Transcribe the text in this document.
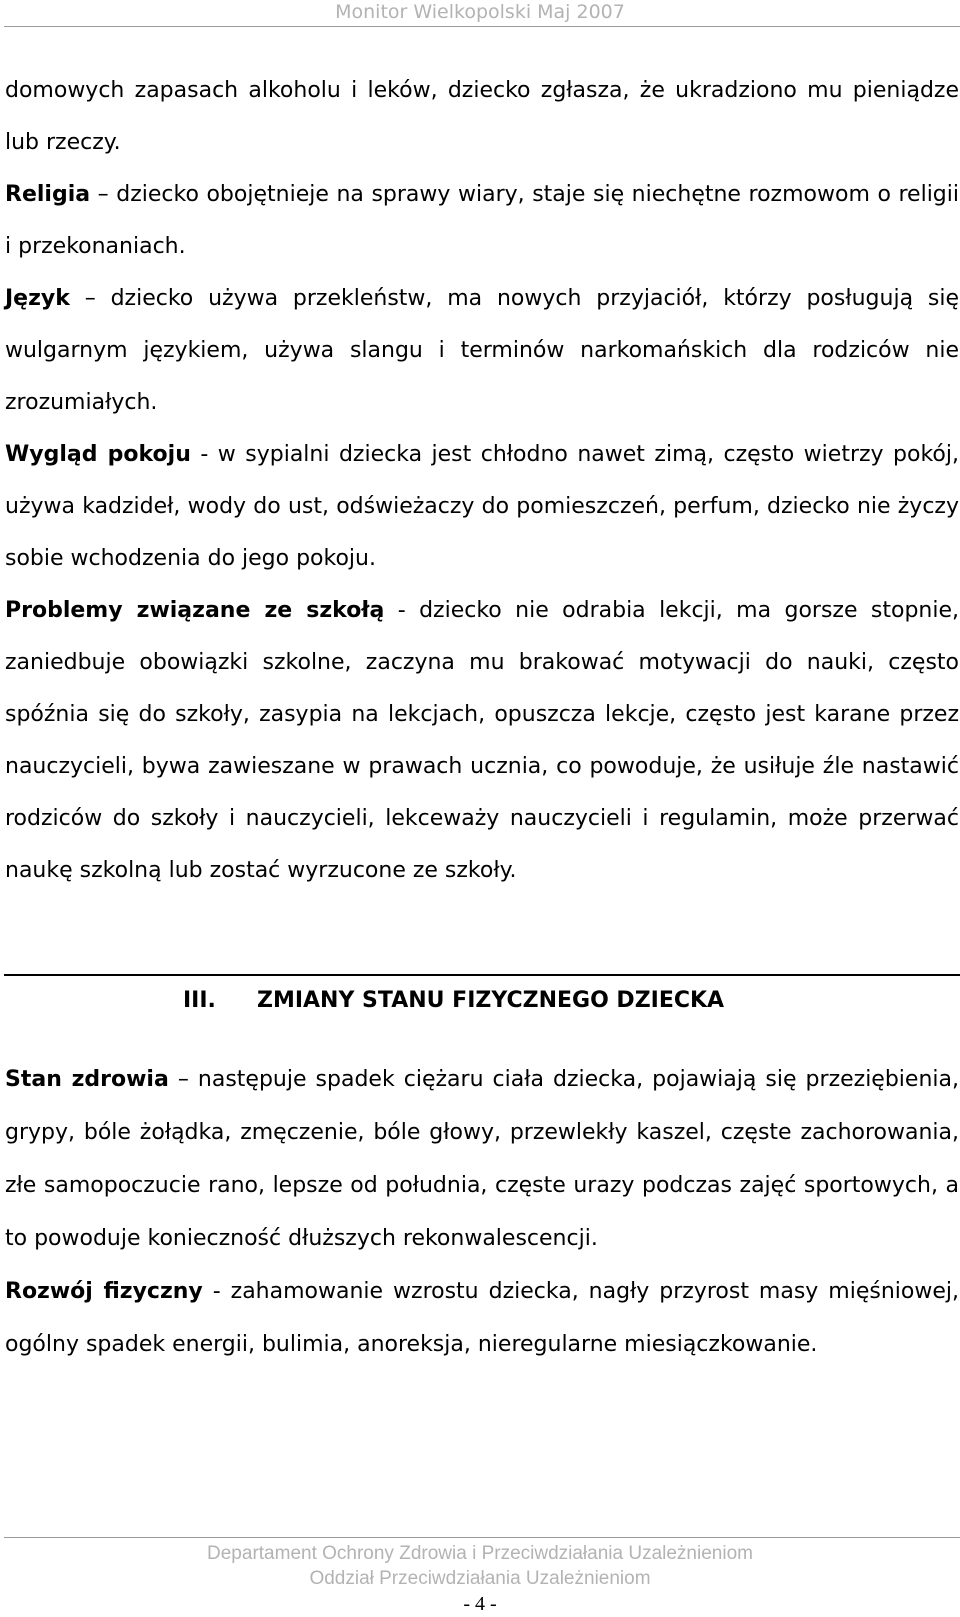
Monitor Wielkopolski Maj 2007

domowych zapasach alkoholu i leków, dziecko zgłasza, że ukradziono mu pieniądze lub rzeczy.

Religia – dziecko obojętnieje na sprawy wiary, staje się niechętne rozmowom o religii i przekonaniach.

Język – dziecko używa przekleństw, ma nowych przyjaciół, którzy posługują się wulgarnym językiem, używa slangu i terminów narkomańskich dla rodziców nie zrozumiałych.

Wygląd pokoju - w sypialni dziecka jest chłodno nawet zimą, często wietrzy pokój, używa kadzideł, wody do ust, odświeżaczy do pomieszczeń, perfum, dziecko nie życzy sobie wchodzenia do jego pokoju.

Problemy związane ze szkołą - dziecko nie odrabia lekcji, ma gorsze stopnie, zaniedbuje obowiązki szkolne, zaczyna mu brakować motywacji do nauki, często spóźnia się do szkoły, zasypia na lekcjach, opuszcza lekcje, często jest karane przez nauczycieli, bywa zawieszane w prawach ucznia, co powoduje, że usiłuje źle nastawić rodziców do szkoły i nauczycieli, lekceważy nauczycieli i regulamin, może przerwać naukę szkolną lub zostać wyrzucone ze szkoły.

III. ZMIANY STANU FIZYCZNEGO DZIECKA

Stan zdrowia – następuje spadek ciężaru ciała dziecka, pojawiają się przeziębienia, grypy, bóle żołądka, zmęczenie, bóle głowy, przewlekły kaszel, częste zachorowania, złe samopoczucie rano, lepsze od południa, częste urazy podczas zajęć sportowych, a to powoduje konieczność dłuższych rekonwalescencji.

Rozwój fizyczny - zahamowanie wzrostu dziecka, nagły przyrost masy mięśniowej, ogólny spadek energii, bulimia, anoreksja, nieregularne miesiączkowanie.

Departament Ochrony Zdrowia i Przeciwdziałania Uzależnieniom
Oddział Przeciwdziałania Uzależnieniom
- 4 -
